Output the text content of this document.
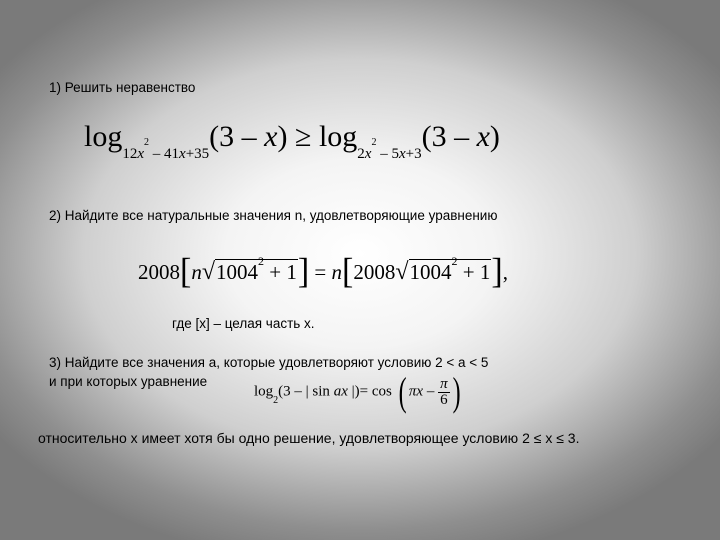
1) Решить неравенство
$\log_{12x^2 - 41x+35}(3 - x) \ge \log_{2x^2 - 5x+3}(3 - x)$
2) Найдите все натуральные значения n, удовлетворяющие уравнению
$2008[n√1004^2 + 1] = n[2008√1004^2 + 1]$,
где [x] – целая часть x.
3) Найдите все значения а, которые удовлетворяют условию 2 < а < 5
и при которых уравнение
$\log_2(3$ – | sin ax |)= cos ( πx – $\frac{\pi}{6}$ )
относительно x имеет хотя бы одно решение, удовлетворяющее условию 2 ≤ x ≤ 3.
